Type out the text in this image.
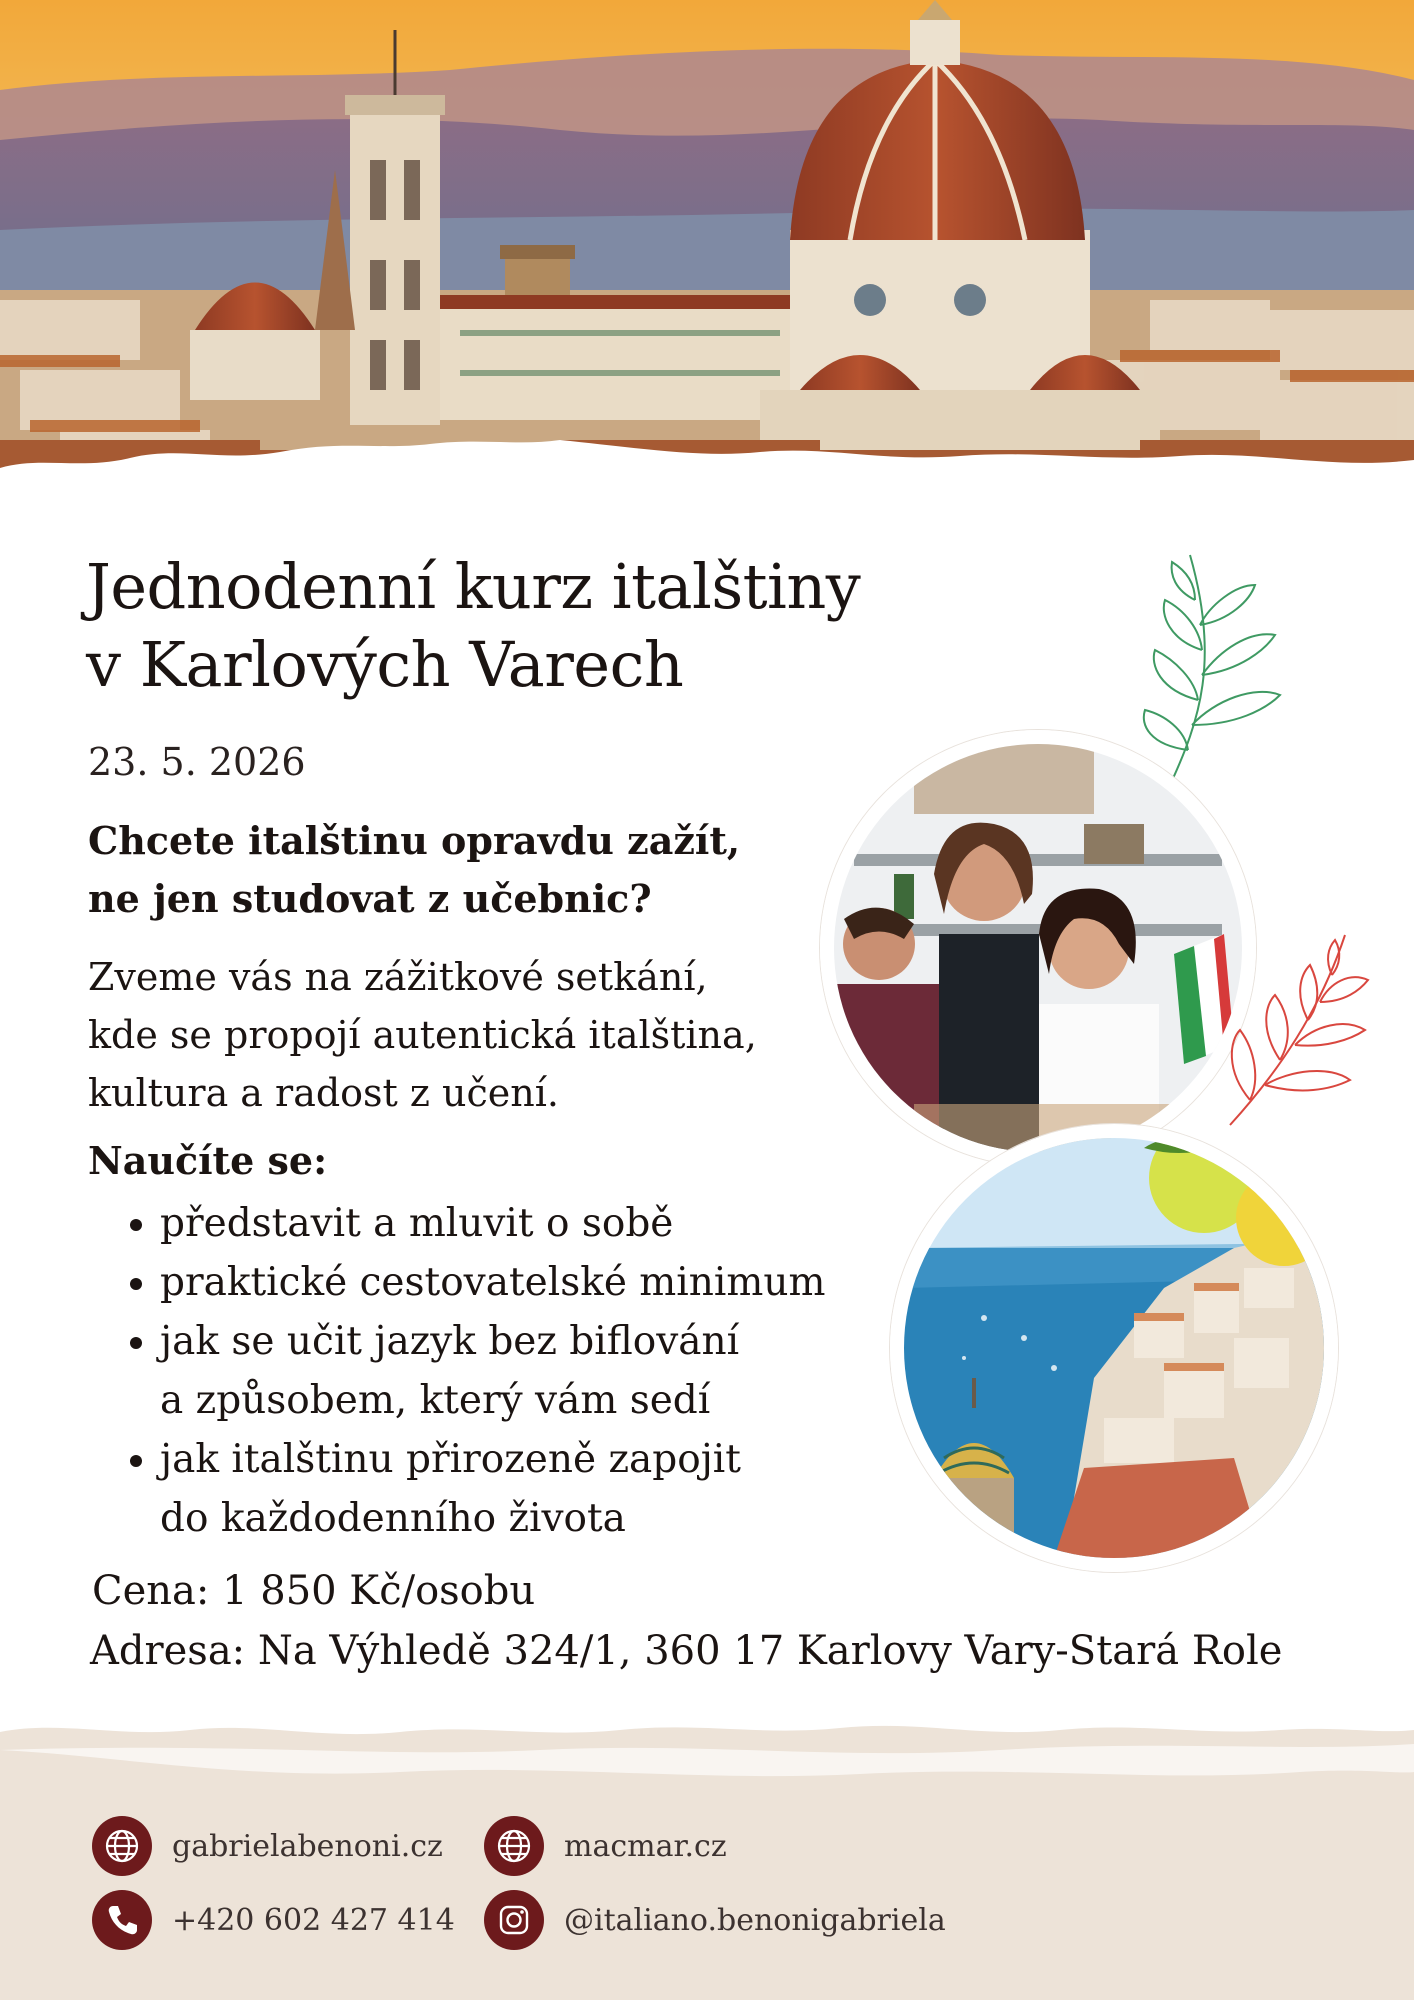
Jednodenní kurz italštiny
v Karlových Varech
23. 5. 2026
Chcete italštinu opravdu zažít,
ne jen studovat z učebnic?
Zveme vás na zážitkové setkání,
kde se propojí autentická italština,
kultura a radost z učení.
Naučíte se:
• představit a mluvit o sobě
• praktické cestovatelské minimum
• jak se učit jazyk bez biflování
a způsobem, který vám sedí
• jak italštinu přirozeně zapojit
do každodenního života
Cena: 1 850 Kč/osobu
Adresa: Na Výhledě 324/1, 360 17 Karlovy Vary-Stará Role
gabrielabenoni.cz
+420 602 427 414
macmar.cz
@italiano.benonigabriela
